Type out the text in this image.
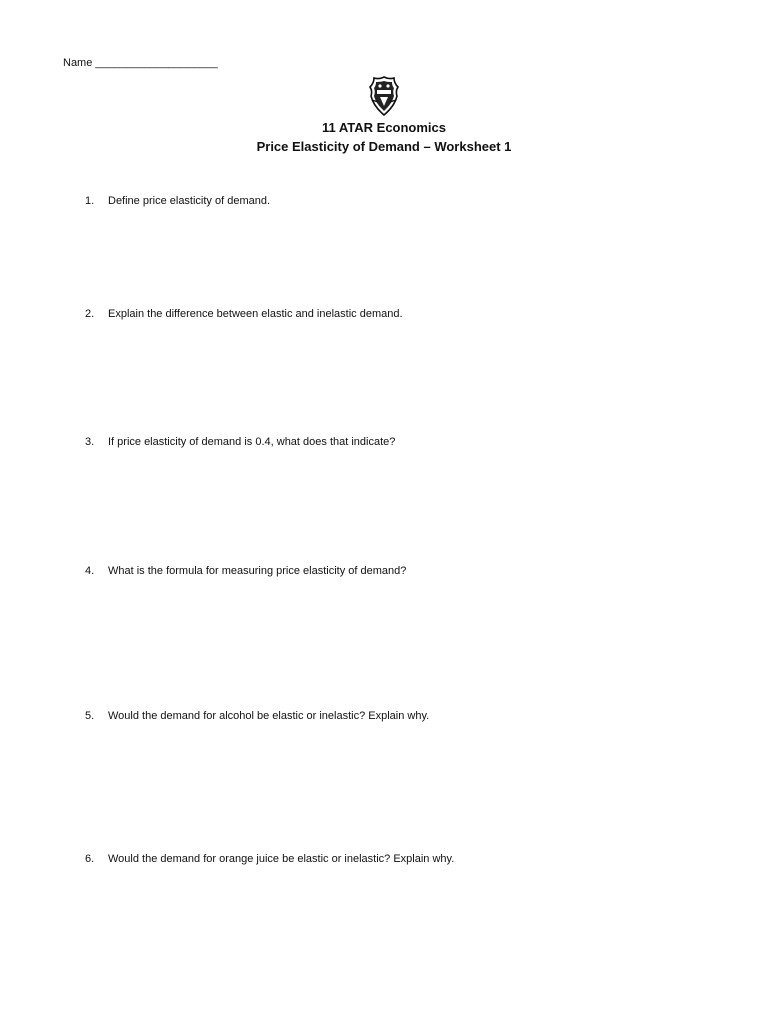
Name ____________________
11 ATAR Economics
Price Elasticity of Demand – Worksheet 1
1. Define price elasticity of demand.
2. Explain the difference between elastic and inelastic demand.
3. If price elasticity of demand is 0.4, what does that indicate?
4. What is the formula for measuring price elasticity of demand?
5. Would the demand for alcohol be elastic or inelastic? Explain why.
6. Would the demand for orange juice be elastic or inelastic? Explain why.
